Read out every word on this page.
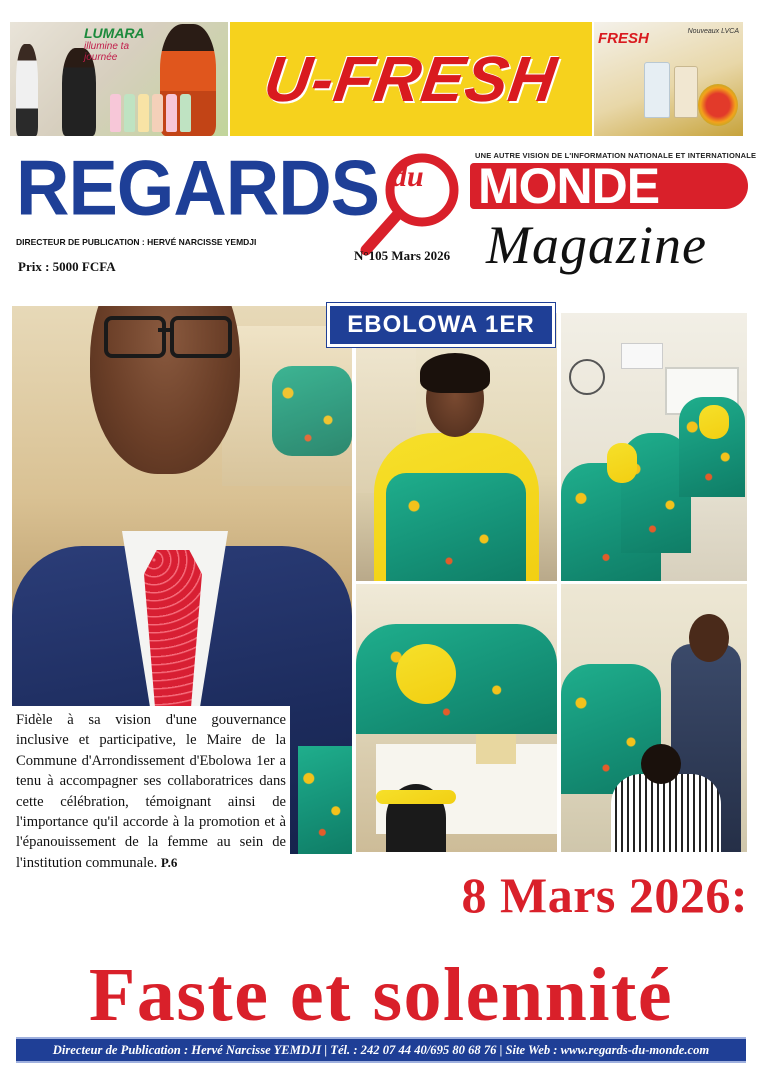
LUMARA
illumine ta journée	U-FRESH
FRESH	Nouveaux LVCA
REGARDS	UNE AUTRE VISION DE L'INFORMATION NATIONALE ET INTERNATIONALE
du MONDE
Magazine
DIRECTEUR DE PUBLICATION : HERVÉ NARCISSE YEMDJI
Prix : 5000 FCFA
N°105 Mars 2026
EBOLOWA 1ER
Fidèle à sa vision d'une gouvernance inclusive et participative, le Maire de la Commune d'Arrondissement d'Ebolowa 1er a tenu à accompagner ses collaboratrices dans cette célébration, témoignant ainsi de l'importance qu'il accorde à la promotion et à l'épanouissement de la femme au sein de l'institution communale. P.6
8 Mars 2026:
Faste et solennité
Directeur de Publication : Hervé Narcisse YEMDJI | Tél. : 242 07 44 40/695 80 68 76 | Site Web : www.regards-du-monde.com
